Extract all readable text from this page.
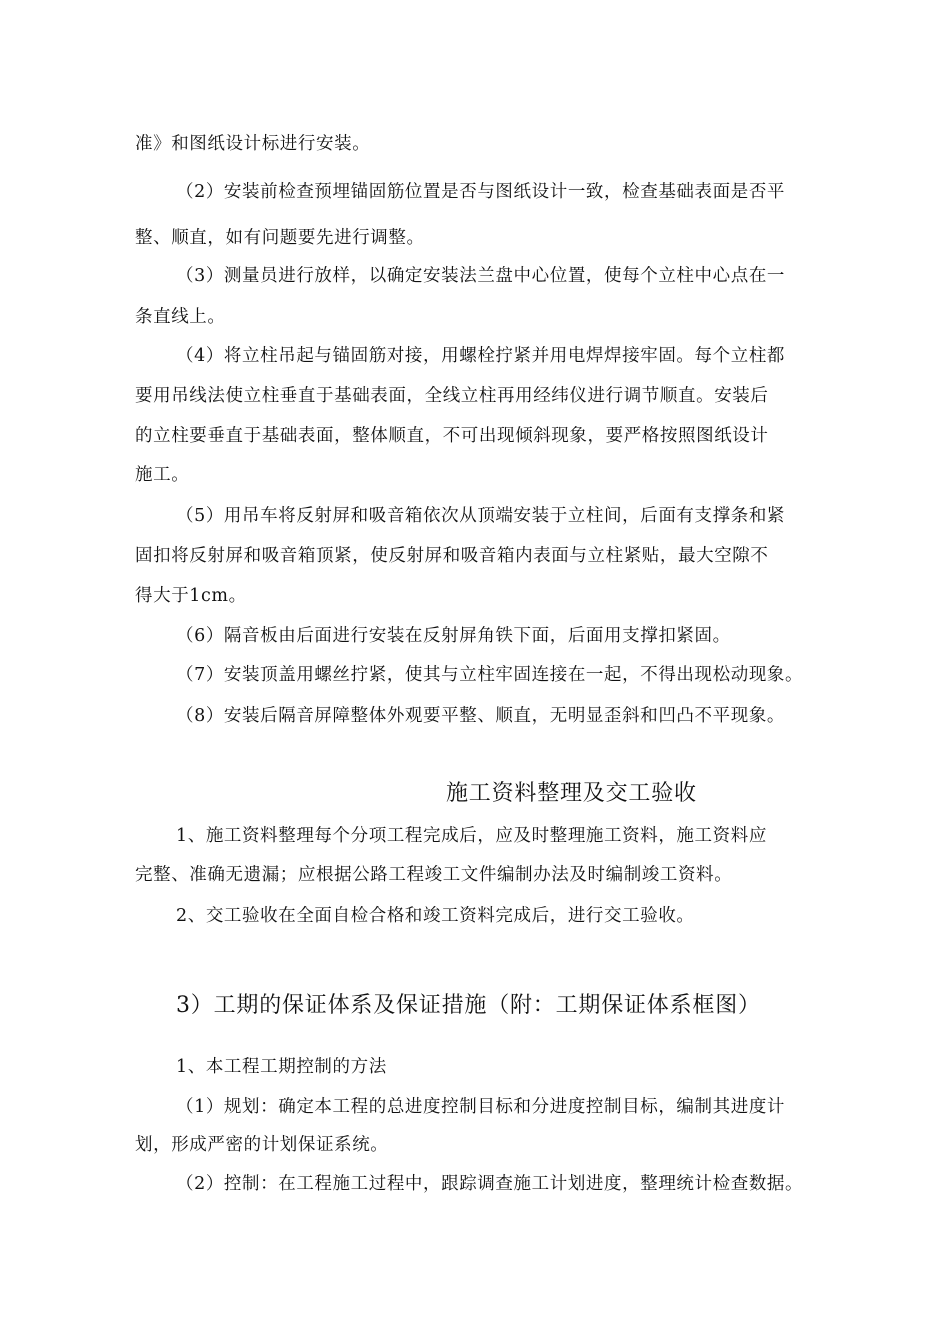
准》和图纸设计标进行安装。
（2）安装前检查预埋锚固筋位置是否与图纸设计一致，检查基础表面是否平
整、顺直，如有问题要先进行调整。
（3）测量员进行放样，以确定安装法兰盘中心位置，使每个立柱中心点在一
条直线上。
（4）将立柱吊起与锚固筋对接，用螺栓拧紧并用电焊焊接牢固。每个立柱都
要用吊线法使立柱垂直于基础表面，全线立柱再用经纬仪进行调节顺直。安装后
的立柱要垂直于基础表面，整体顺直，不可出现倾斜现象，要严格按照图纸设计
施工。
（5）用吊车将反射屏和吸音箱依次从顶端安装于立柱间，后面有支撑条和紧
固扣将反射屏和吸音箱顶紧，使反射屏和吸音箱内表面与立柱紧贴，最大空隙不
得大于1cm。
（6）隔音板由后面进行安装在反射屏角铁下面，后面用支撑扣紧固。
（7）安装顶盖用螺丝拧紧，使其与立柱牢固连接在一起，不得出现松动现象。
（8）安装后隔音屏障整体外观要平整、顺直，无明显歪斜和凹凸不平现象。
施工资料整理及交工验收
1、施工资料整理每个分项工程完成后，应及时整理施工资料，施工资料应
完整、准确无遗漏；应根据公路工程竣工文件编制办法及时编制竣工资料。
2、交工验收在全面自检合格和竣工资料完成后，进行交工验收。
3）工期的保证体系及保证措施（附：工期保证体系框图）
1、本工程工期控制的方法
（1）规划：确定本工程的总进度控制目标和分进度控制目标，编制其进度计
划，形成严密的计划保证系统。
（2）控制：在工程施工过程中，跟踪调查施工计划进度，整理统计检查数据。
